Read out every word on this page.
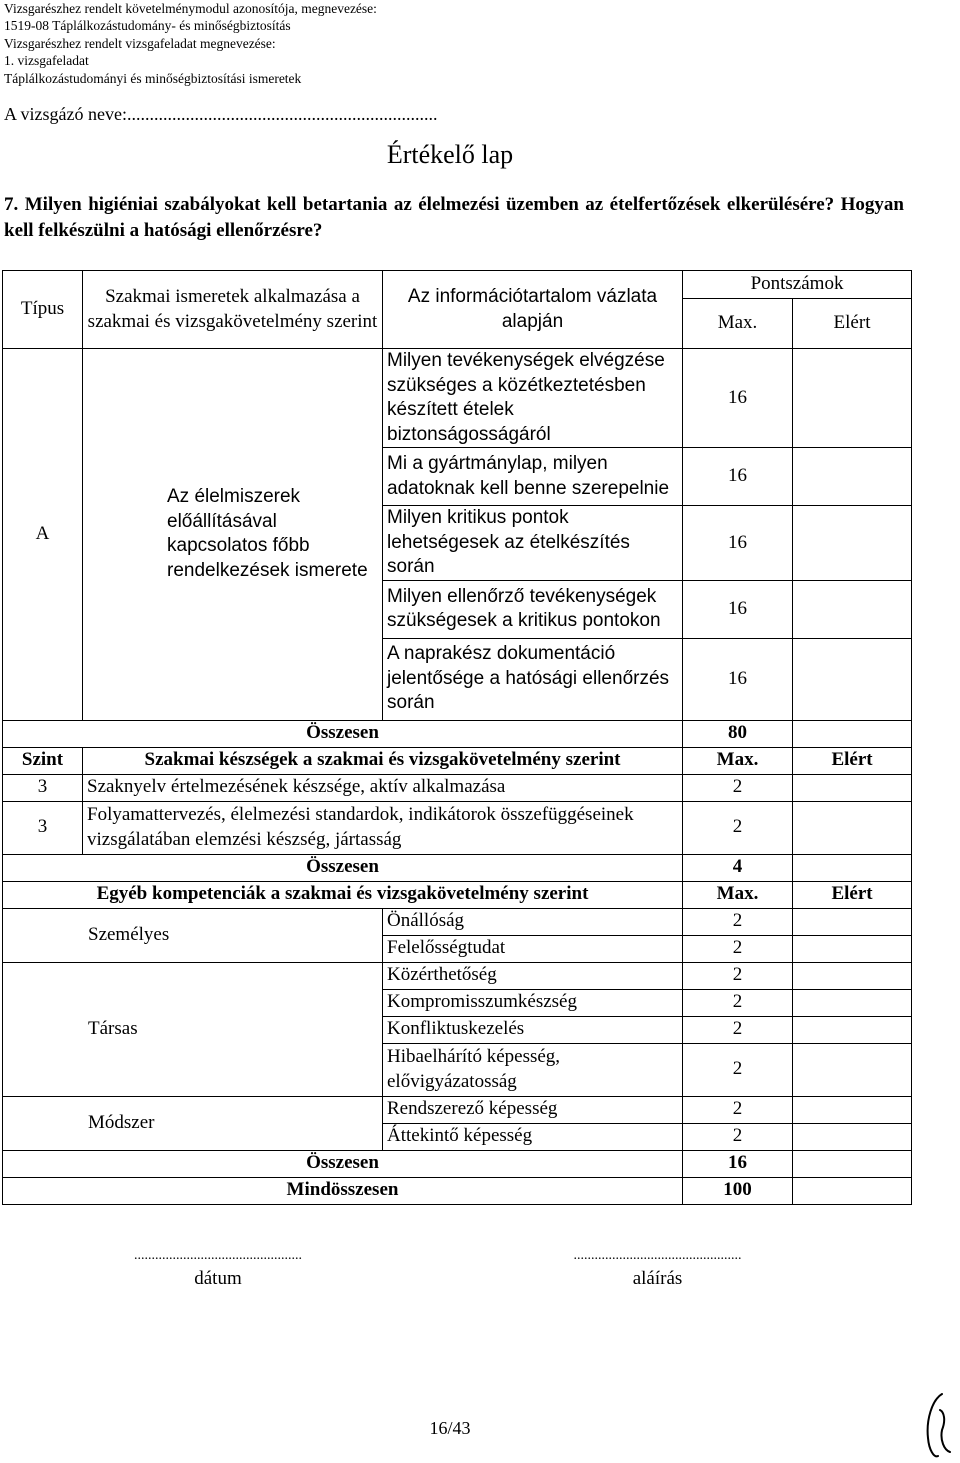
Vizsgarészhez rendelt követelménymodul azonosítója, megnevezése:
1519-08 Táplálkozástudomány- és minőségbiztosítás
Vizsgarészhez rendelt vizsgafeladat megnevezése:
1. vizsgafeladat
Táplálkozástudományi és minőségbiztosítási ismeretek
A vizsgázó neve:.....................................................................
Értékelő lap
7. Milyen higiéniai szabályokat kell betartania az élelmezési üzemben az ételfertőzések elkerülésére? Hogyan kell felkészülni a hatósági ellenőrzésre?
Típus	Szakmai ismeretek alkalmazása a szakmai és vizsgakövetelmény szerint	Az információtartalom vázlata alapján	Pontszámok	
			Max.	Elért
A	Az élelmiszerek előállításával kapcsolatos főbb rendelkezések ismerete	Milyen tevékenységek elvégzése szükséges a közétkeztetésben készített ételek biztonságosságáról	16	
		Mi a gyártmánylap, milyen adatoknak kell benne szerepelnie	16	
		Milyen kritikus pontok lehetségesek az ételkészítés során	16	
		Milyen ellenőrző tevékenységek szükségesek a kritikus pontokon	16	
		A naprakész dokumentáció jelentősége a hatósági ellenőrzés során	16	
Összesen			80	
Szint	Szakmai készségek a szakmai és vizsgakövetelmény szerint		Max.	Elért
3	Szaknyelv értelmezésének készsége, aktív alkalmazása		2	
3	Folyamattervezés, élelmezési standardok, indikátorok összefüggéseinek vizsgálatában elemzési készség, jártasság		2	
Összesen			4	
Egyéb kompetenciák a szakmai és vizsgakövetelmény szerint			Max.	Elért
Személyes		Önállóság	2	
		Felelősségtudat	2	
Társas		Közérthetőség	2	
		Kompromisszumkészség	2	
		Konfliktuskezelés	2	
		Hibaelhárító képesség, elővigyázatosság	2	
Módszer		Rendszerező képesség	2	
		Áttekintő képesség	2	
Összesen			16	
Mindösszesen			100	
................................................
dátum
................................................
aláírás
16/43
